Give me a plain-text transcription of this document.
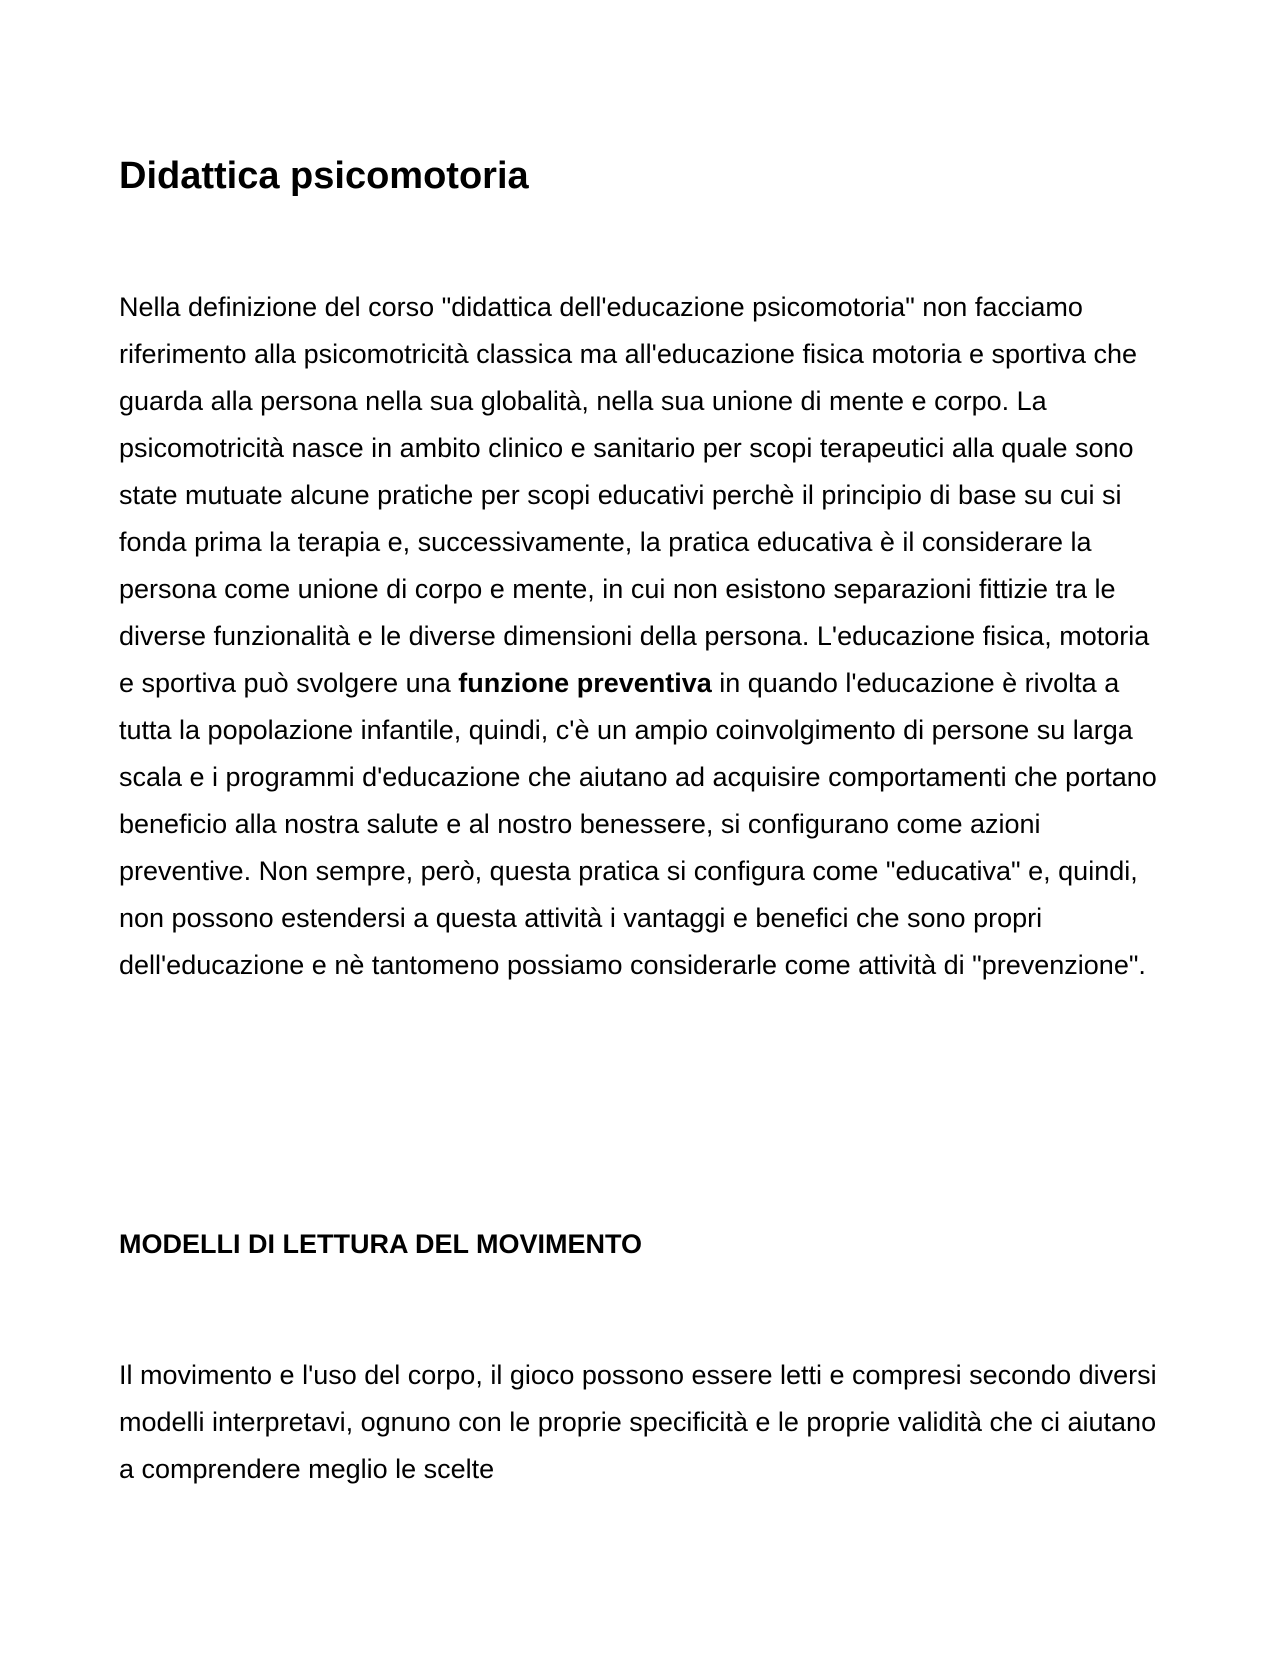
Didattica psicomotoria

Nella definizione del corso "didattica dell'educazione psicomotoria" non facciamo riferimento alla psicomotricità classica ma all'educazione fisica motoria e sportiva che guarda alla persona nella sua globalità, nella sua unione di mente e corpo. La psicomotricità nasce in ambito clinico e sanitario per scopi terapeutici alla quale sono state mutuate alcune pratiche per scopi educativi perchè il principio di base su cui si fonda prima la terapia e, successivamente, la pratica educativa è il considerare la persona come unione di corpo e mente, in cui non esistono separazioni fittizie tra le diverse funzionalità e le diverse dimensioni della persona. L'educazione fisica, motoria e sportiva può svolgere una funzione preventiva in quando l'educazione è rivolta a tutta la popolazione infantile, quindi, c'è un ampio coinvolgimento di persone su larga scala e i programmi d'educazione che aiutano ad acquisire comportamenti che portano beneficio alla nostra salute e al nostro benessere, si configurano come azioni preventive. Non sempre, però, questa pratica si configura come "educativa" e, quindi, non possono estendersi a questa attività i vantaggi e benefici che sono propri dell'educazione e nè tantomeno possiamo considerarle come attività di "prevenzione".

MODELLI DI LETTURA DEL MOVIMENTO

Il movimento e l'uso del corpo, il gioco possono essere letti e compresi secondo diversi modelli interpretavi, ognuno con le proprie specificità e le proprie validità che ci aiutano a comprendere meglio le scelte
